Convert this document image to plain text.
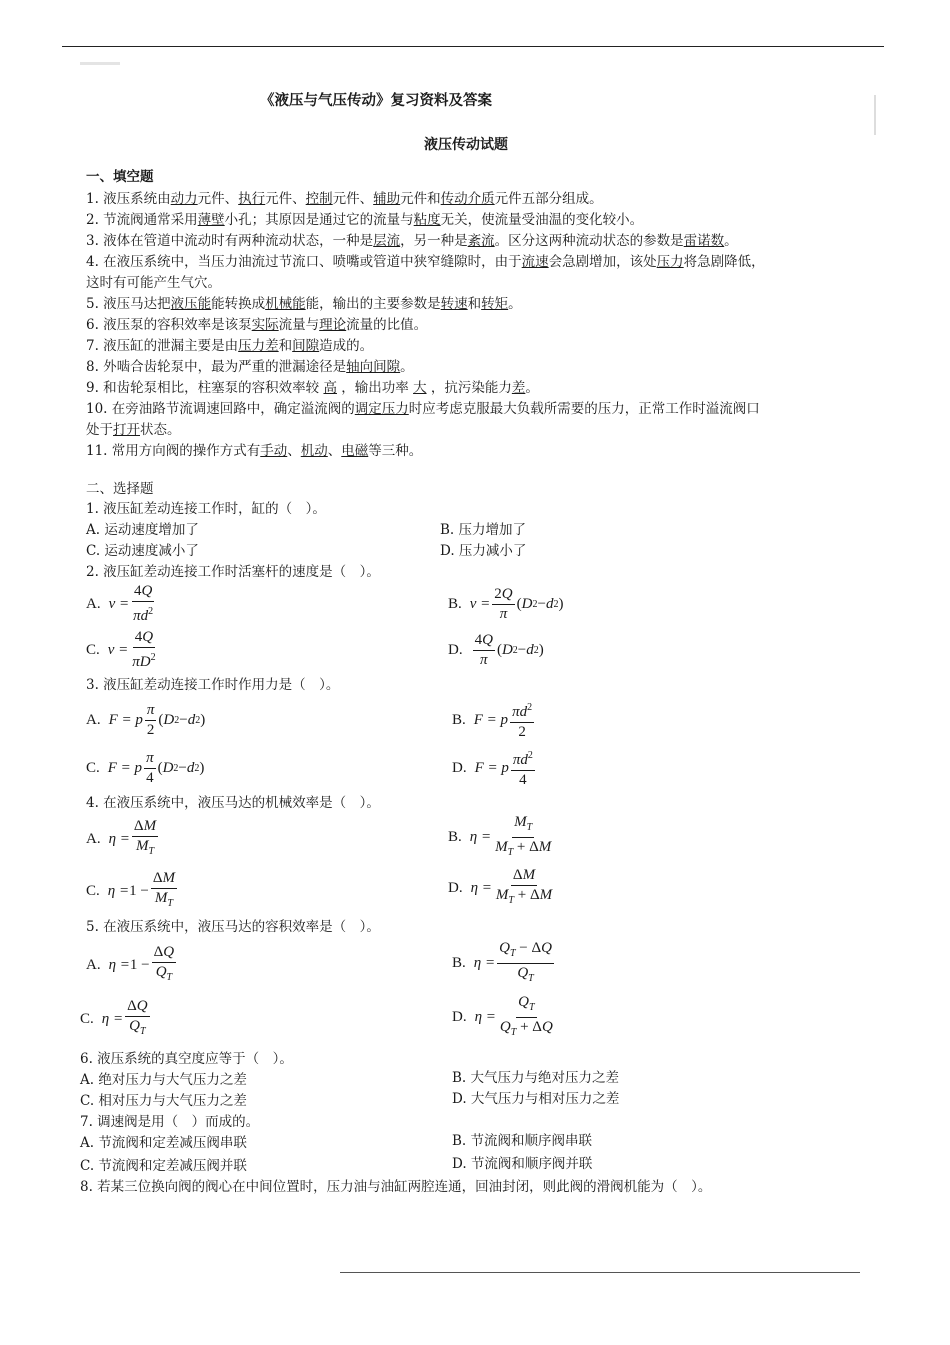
《液压与气压传动》复习资料及答案
液压传动试题
一、填空题
1. 液压系统由动力元件、执行元件、控制元件、辅助元件和传动介质元件五部分组成。
2. 节流阀通常采用薄壁小孔；其原因是通过它的流量与粘度无关，使流量受油温的变化较小。
3. 液体在管道中流动时有两种流动状态，一种是层流，另一种是紊流。区分这两种流动状态的参数是雷诺数。
4. 在液压系统中，当压力油流过节流口、喷嘴或管道中狭窄缝隙时，由于流速会急剧增加，该处压力将急剧降低，
这时有可能产生气穴。
5. 液压马达把液压能能转换成机械能能，输出的主要参数是转速和转矩。
6. 液压泵的容积效率是该泵实际流量与理论流量的比值。
7. 液压缸的泄漏主要是由压力差和间隙造成的。
8. 外啮合齿轮泵中，最为严重的泄漏途径是轴向间隙。
9. 和齿轮泵相比，柱塞泵的容积效率较 高 ，输出功率 大 ，抗污染能力差。
10. 在旁油路节流调速回路中，确定溢流阀的调定压力时应考虑克服最大负载所需要的压力，正常工作时溢流阀口
处于打开状态。
11. 常用方向阀的操作方式有手动、机动、电磁等三种。
二、选择题
1. 液压缸差动连接工作时，缸的（　）。
A. 运动速度增加了	B. 压力增加了
C. 运动速度减小了	D. 压力减小了
2. 液压缸差动连接工作时活塞杆的速度是（　）。
A. v =
4Q
$\pi d^2$	B. v =
2Q
π
( D 2 − d 2 )
C. v =
4Q
$\pi D^2$	D.
4Q
π
( D 2 − d 2 )
3. 液压缸差动连接工作时作用力是（　）。
A. F = p
π
2
( D 2 − d 2 )	B. F = p $\pi d^2$
2
C. F = p
π
4
( D 2 − d 2 )	D. F = p $\pi d^2$
4
4. 在液压系统中，液压马达的机械效率是（　）。
A. η =
ΔM
$M_T$
B. η =
$M_T$
$M_T + \Delta M$
C. $\eta = 1 - \frac{\Delta M}{M_T}$	D. η =
ΔM
$M_T + \Delta M$
5. 在液压系统中，液压马达的容积效率是（　）。
A. $\eta = 1 - \frac{\Delta Q}{Q_T}$	B. η =
$Q_T - \Delta Q$
$Q_T$
C. η =
ΔQ
$Q_T$
D. η =
$Q_T$
$Q_T + \Delta Q$
6. 液压系统的真空度应等于（　）。
A. 绝对压力与大气压力之差	B. 大气压力与绝对压力之差
C. 相对压力与大气压力之差	D. 大气压力与相对压力之差
7. 调速阀是用（　）而成的。
A. 节流阀和定差减压阀串联	B. 节流阀和顺序阀串联
C. 节流阀和定差减压阀并联	D. 节流阀和顺序阀并联
8. 若某三位换向阀的阀心在中间位置时，压力油与油缸两腔连通，回油封闭，则此阀的滑阀机能为（　）。
